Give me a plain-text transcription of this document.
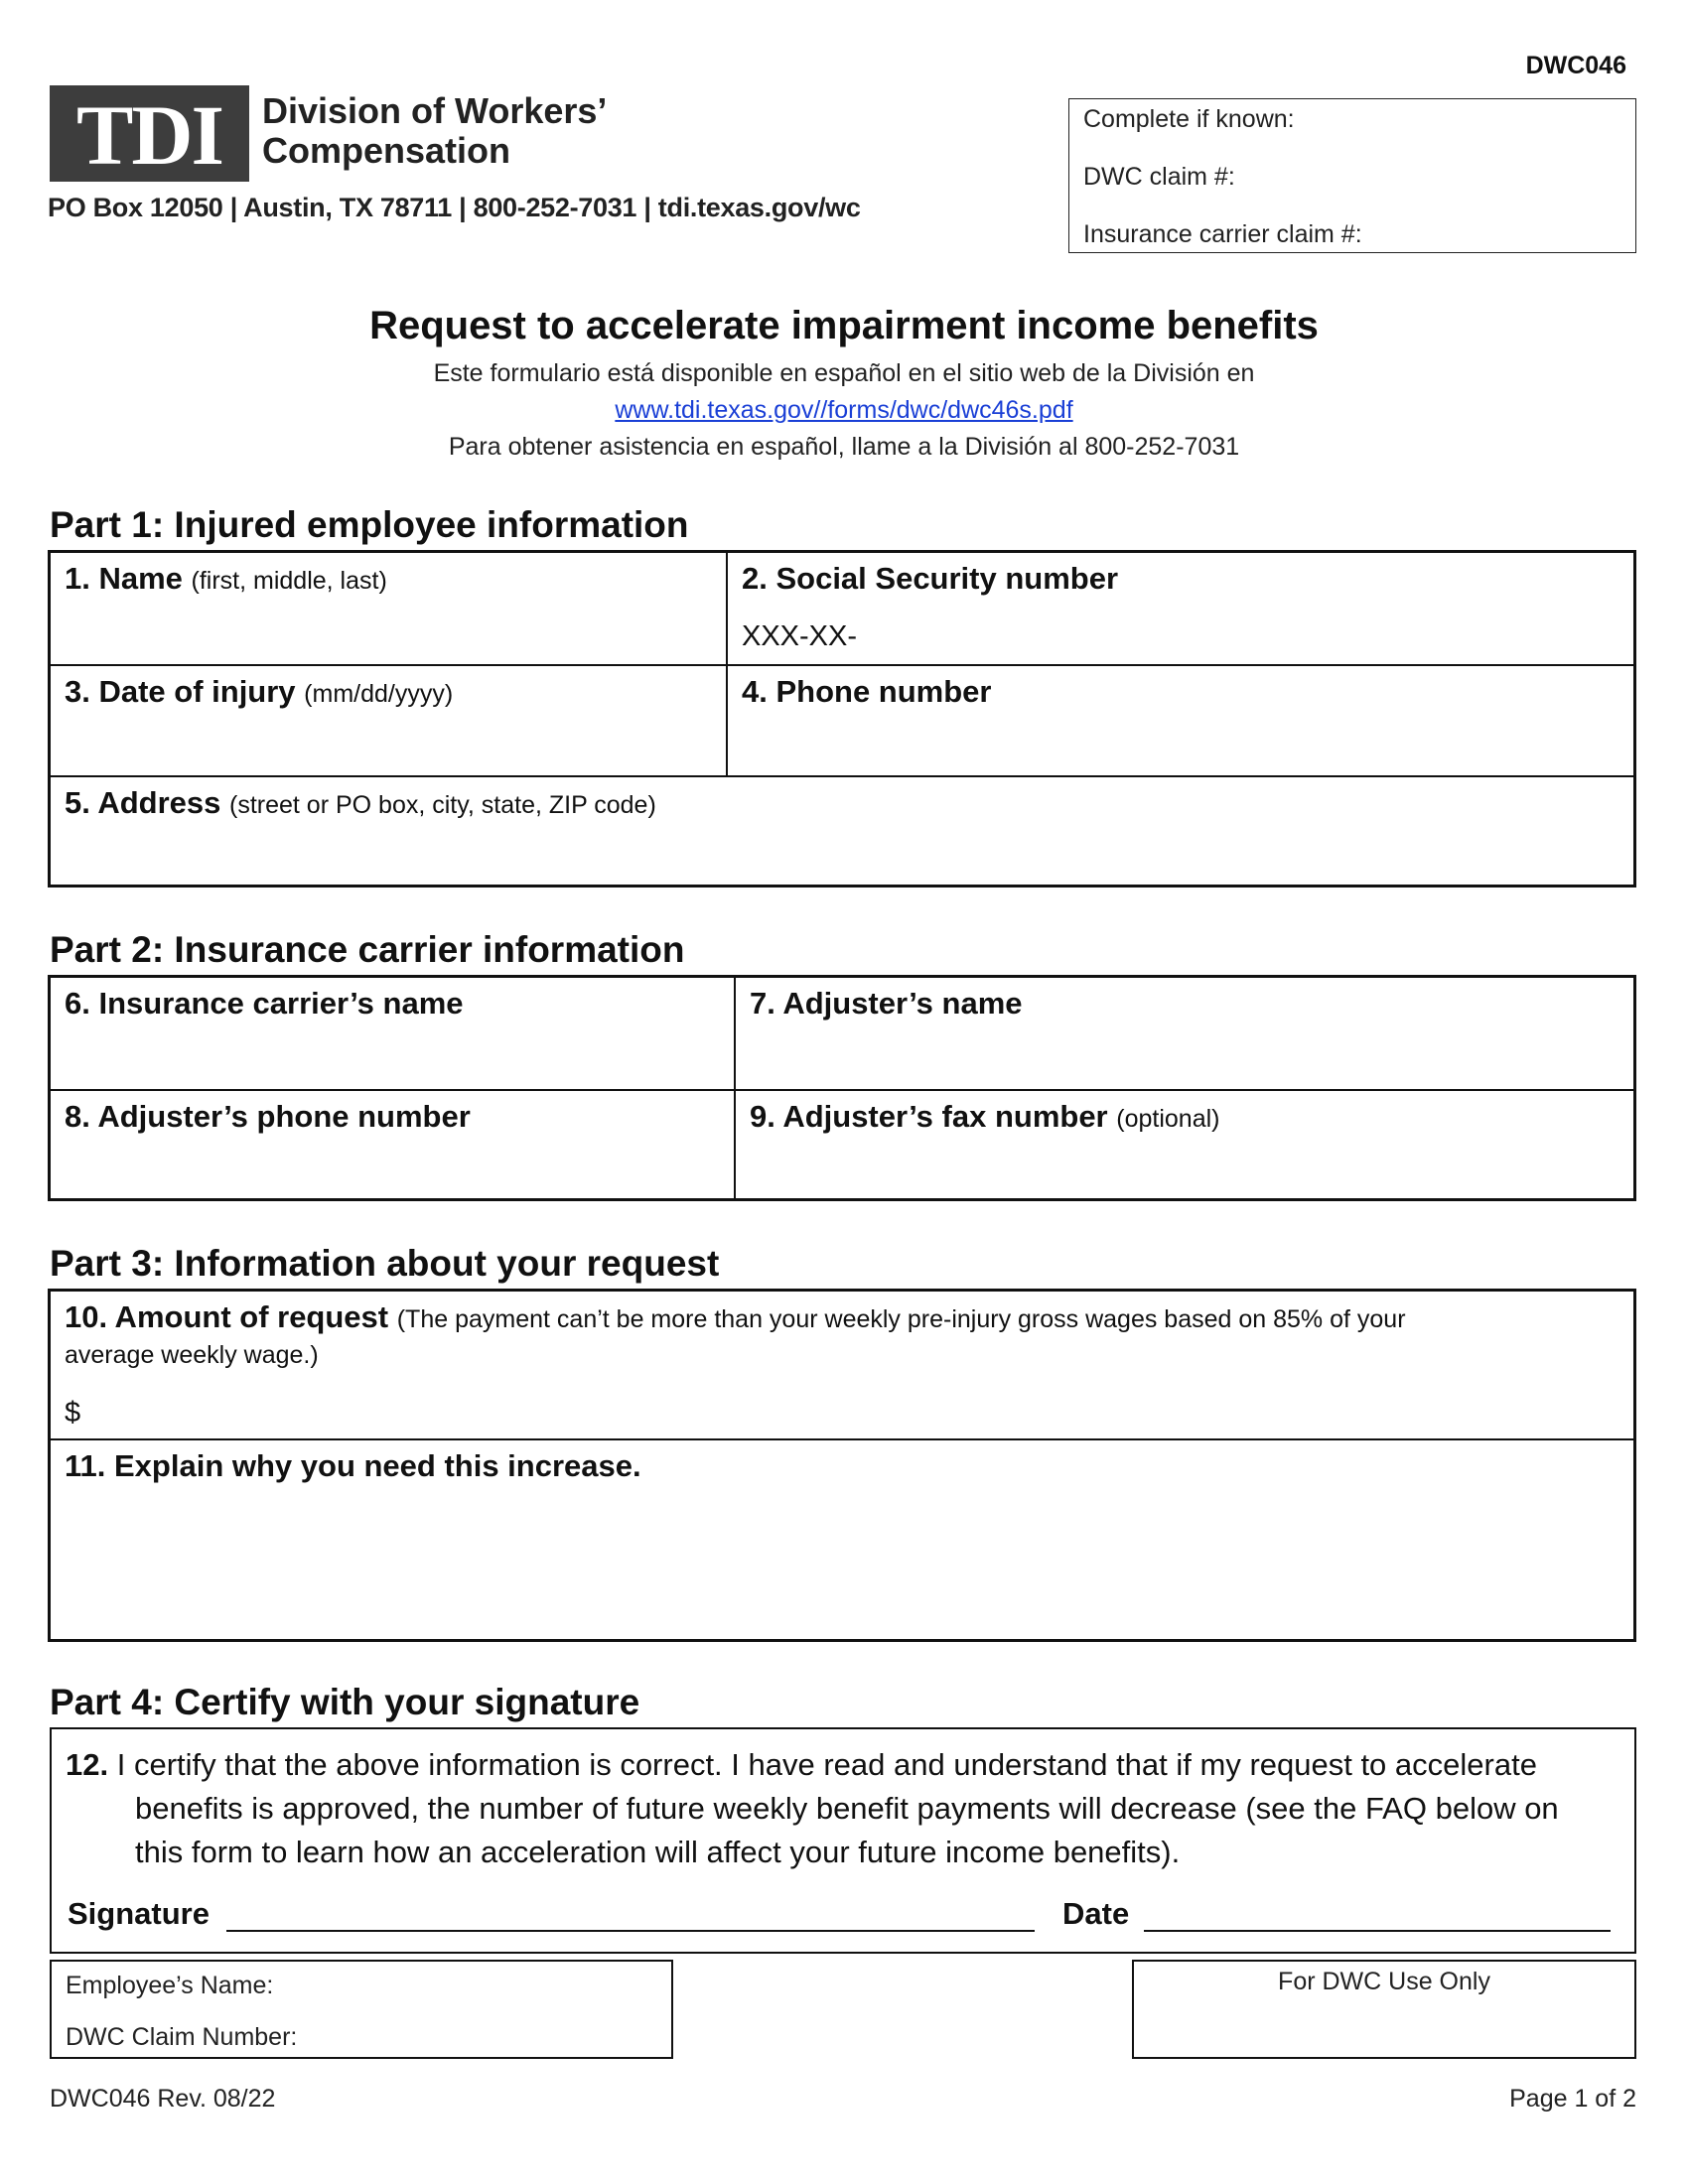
DWC046
TDI	Division of Workers’
Compensation
PO Box 12050 | Austin, TX 78711 | 800-252-7031 | tdi.texas.gov/wc
Complete if known:
DWC claim #:
Insurance carrier claim #:
Request to accelerate impairment income benefits
Este formulario está disponible en español en el sitio web de la División en
www.tdi.texas.gov//forms/dwc/dwc46s.pdf
Para obtener asistencia en español, llame a la División al 800-252-7031
Part 1: Injured employee information
1. Name (first, middle, last)	2. Social Security number
XXX-XX-
3. Date of injury (mm/dd/yyyy)	4. Phone number
5. Address (street or PO box, city, state, ZIP code)
Part 2: Insurance carrier information
6. Insurance carrier’s name	7. Adjuster’s name
8. Adjuster’s phone number	9. Adjuster’s fax number (optional)
Part 3: Information about your request
10. Amount of request (The payment can’t be more than your weekly pre-injury gross wages based on 85% of your
average weekly wage.)
$
11. Explain why you need this increase.
Part 4: Certify with your signature
12. I certify that the above information is correct. I have read and understand that if my request to accelerate benefits is approved, the number of future weekly benefit payments will decrease (see the FAQ below on this form to learn how an acceleration will affect your future income benefits).
Signature	Date
Employee’s Name:
DWC Claim Number:
For DWC Use Only
DWC046 Rev. 08/22	Page 1 of 2
